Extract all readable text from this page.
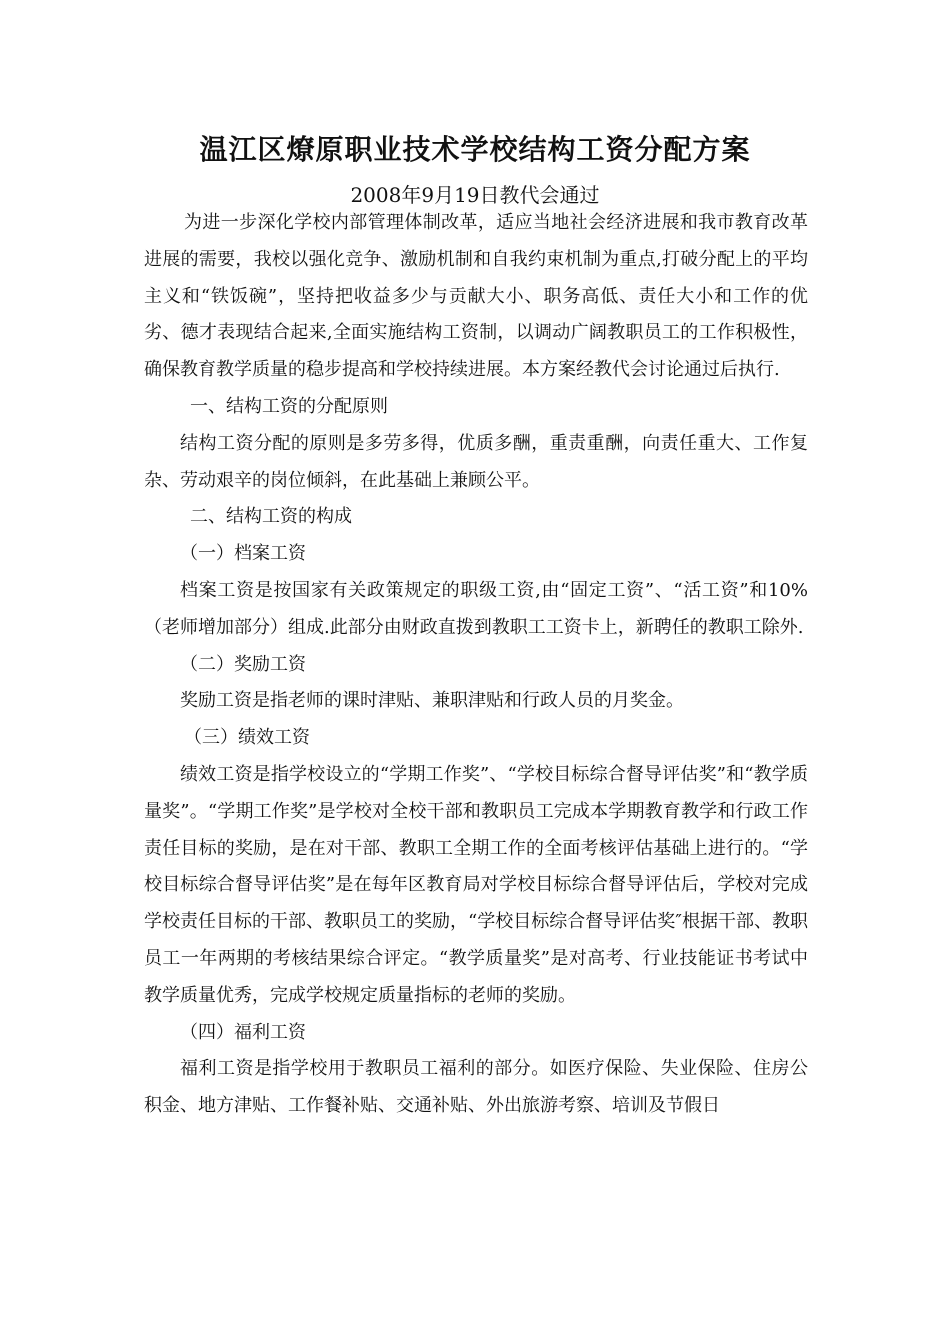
温江区燎原职业技术学校结构工资分配方案
2008年9月19日教代会通过

为进一步深化学校内部管理体制改革，适应当地社会经济进展和我市教育改革进展的需要，我校以强化竞争、激励机制和自我约束机制为重点,打破分配上的平均主义和“铁饭碗”，坚持把收益多少与贡献大小、职务高低、责任大小和工作的优劣、德才表现结合起来,全面实施结构工资制，以调动广阔教职员工的工作积极性，确保教育教学质量的稳步提高和学校持续进展。本方案经教代会讨论通过后执行.

一、结构工资的分配原则

结构工资分配的原则是多劳多得，优质多酬，重责重酬，向责任重大、工作复杂、劳动艰辛的岗位倾斜，在此基础上兼顾公平。

二、结构工资的构成

（一）档案工资

档案工资是按国家有关政策规定的职级工资,由“固定工资”、“活工资”和10%（老师增加部分）组成.此部分由财政直拨到教职工工资卡上，新聘任的教职工除外.

（二）奖励工资

奖励工资是指老师的课时津贴、兼职津贴和行政人员的月奖金。

（三）绩效工资

绩效工资是指学校设立的“学期工作奖”、“学校目标综合督导评估奖”和“教学质量奖”。“学期工作奖”是学校对全校干部和教职员工完成本学期教育教学和行政工作责任目标的奖励，是在对干部、教职工全期工作的全面考核评估基础上进行的。“学校目标综合督导评估奖”是在每年区教育局对学校目标综合督导评估后，学校对完成学校责任目标的干部、教职员工的奖励，“学校目标综合督导评估奖″根据干部、教职员工一年两期的考核结果综合评定。“教学质量奖”是对高考、行业技能证书考试中教学质量优秀，完成学校规定质量指标的老师的奖励。

（四）福利工资

福利工资是指学校用于教职员工福利的部分。如医疗保险、失业保险、住房公积金、地方津贴、工作餐补贴、交通补贴、外出旅游考察、培训及节假日
